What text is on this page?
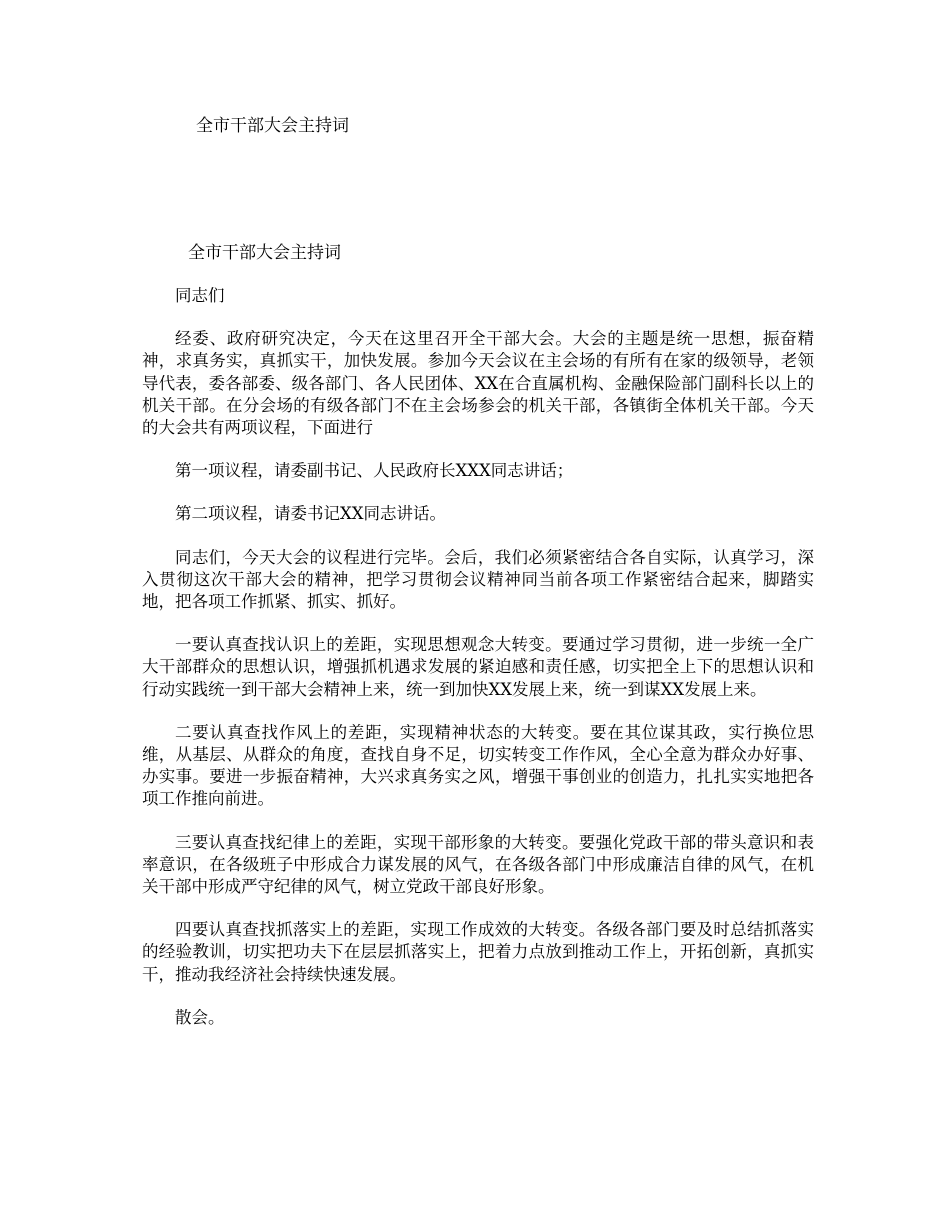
全市干部大会主持词
全市干部大会主持词

同志们

经委、政府研究决定，今天在这里召开全干部大会。大会的主题是统一思想，振奋精神，求真务实，真抓实干，加快发展。参加今天会议在主会场的有所有在家的级领导，老领导代表，委各部委、级各部门、各人民团体、XX在合直属机构、金融保险部门副科长以上的机关干部。在分会场的有级各部门不在主会场参会的机关干部，各镇街全体机关干部。今天的大会共有两项议程，下面进行

第一项议程，请委副书记、人民政府长XXX同志讲话；

第二项议程，请委书记XX同志讲话。

同志们，今天大会的议程进行完毕。会后，我们必须紧密结合各自实际，认真学习，深入贯彻这次干部大会的精神，把学习贯彻会议精神同当前各项工作紧密结合起来，脚踏实地，把各项工作抓紧、抓实、抓好。

一要认真查找认识上的差距，实现思想观念大转变。要通过学习贯彻，进一步统一全广大干部群众的思想认识，增强抓机遇求发展的紧迫感和责任感，切实把全上下的思想认识和行动实践统一到干部大会精神上来，统一到加快XX发展上来，统一到谋XX发展上来。

二要认真查找作风上的差距，实现精神状态的大转变。要在其位谋其政，实行换位思维，从基层、从群众的角度，查找自身不足，切实转变工作作风，全心全意为群众办好事、办实事。要进一步振奋精神，大兴求真务实之风，增强干事创业的创造力，扎扎实实地把各项工作推向前进。

三要认真查找纪律上的差距，实现干部形象的大转变。要强化党政干部的带头意识和表率意识，在各级班子中形成合力谋发展的风气，在各级各部门中形成廉洁自律的风气，在机关干部中形成严守纪律的风气，树立党政干部良好形象。

四要认真查找抓落实上的差距，实现工作成效的大转变。各级各部门要及时总结抓落实的经验教训，切实把功夫下在层层抓落实上，把着力点放到推动工作上，开拓创新，真抓实干，推动我经济社会持续快速发展。

散会。
